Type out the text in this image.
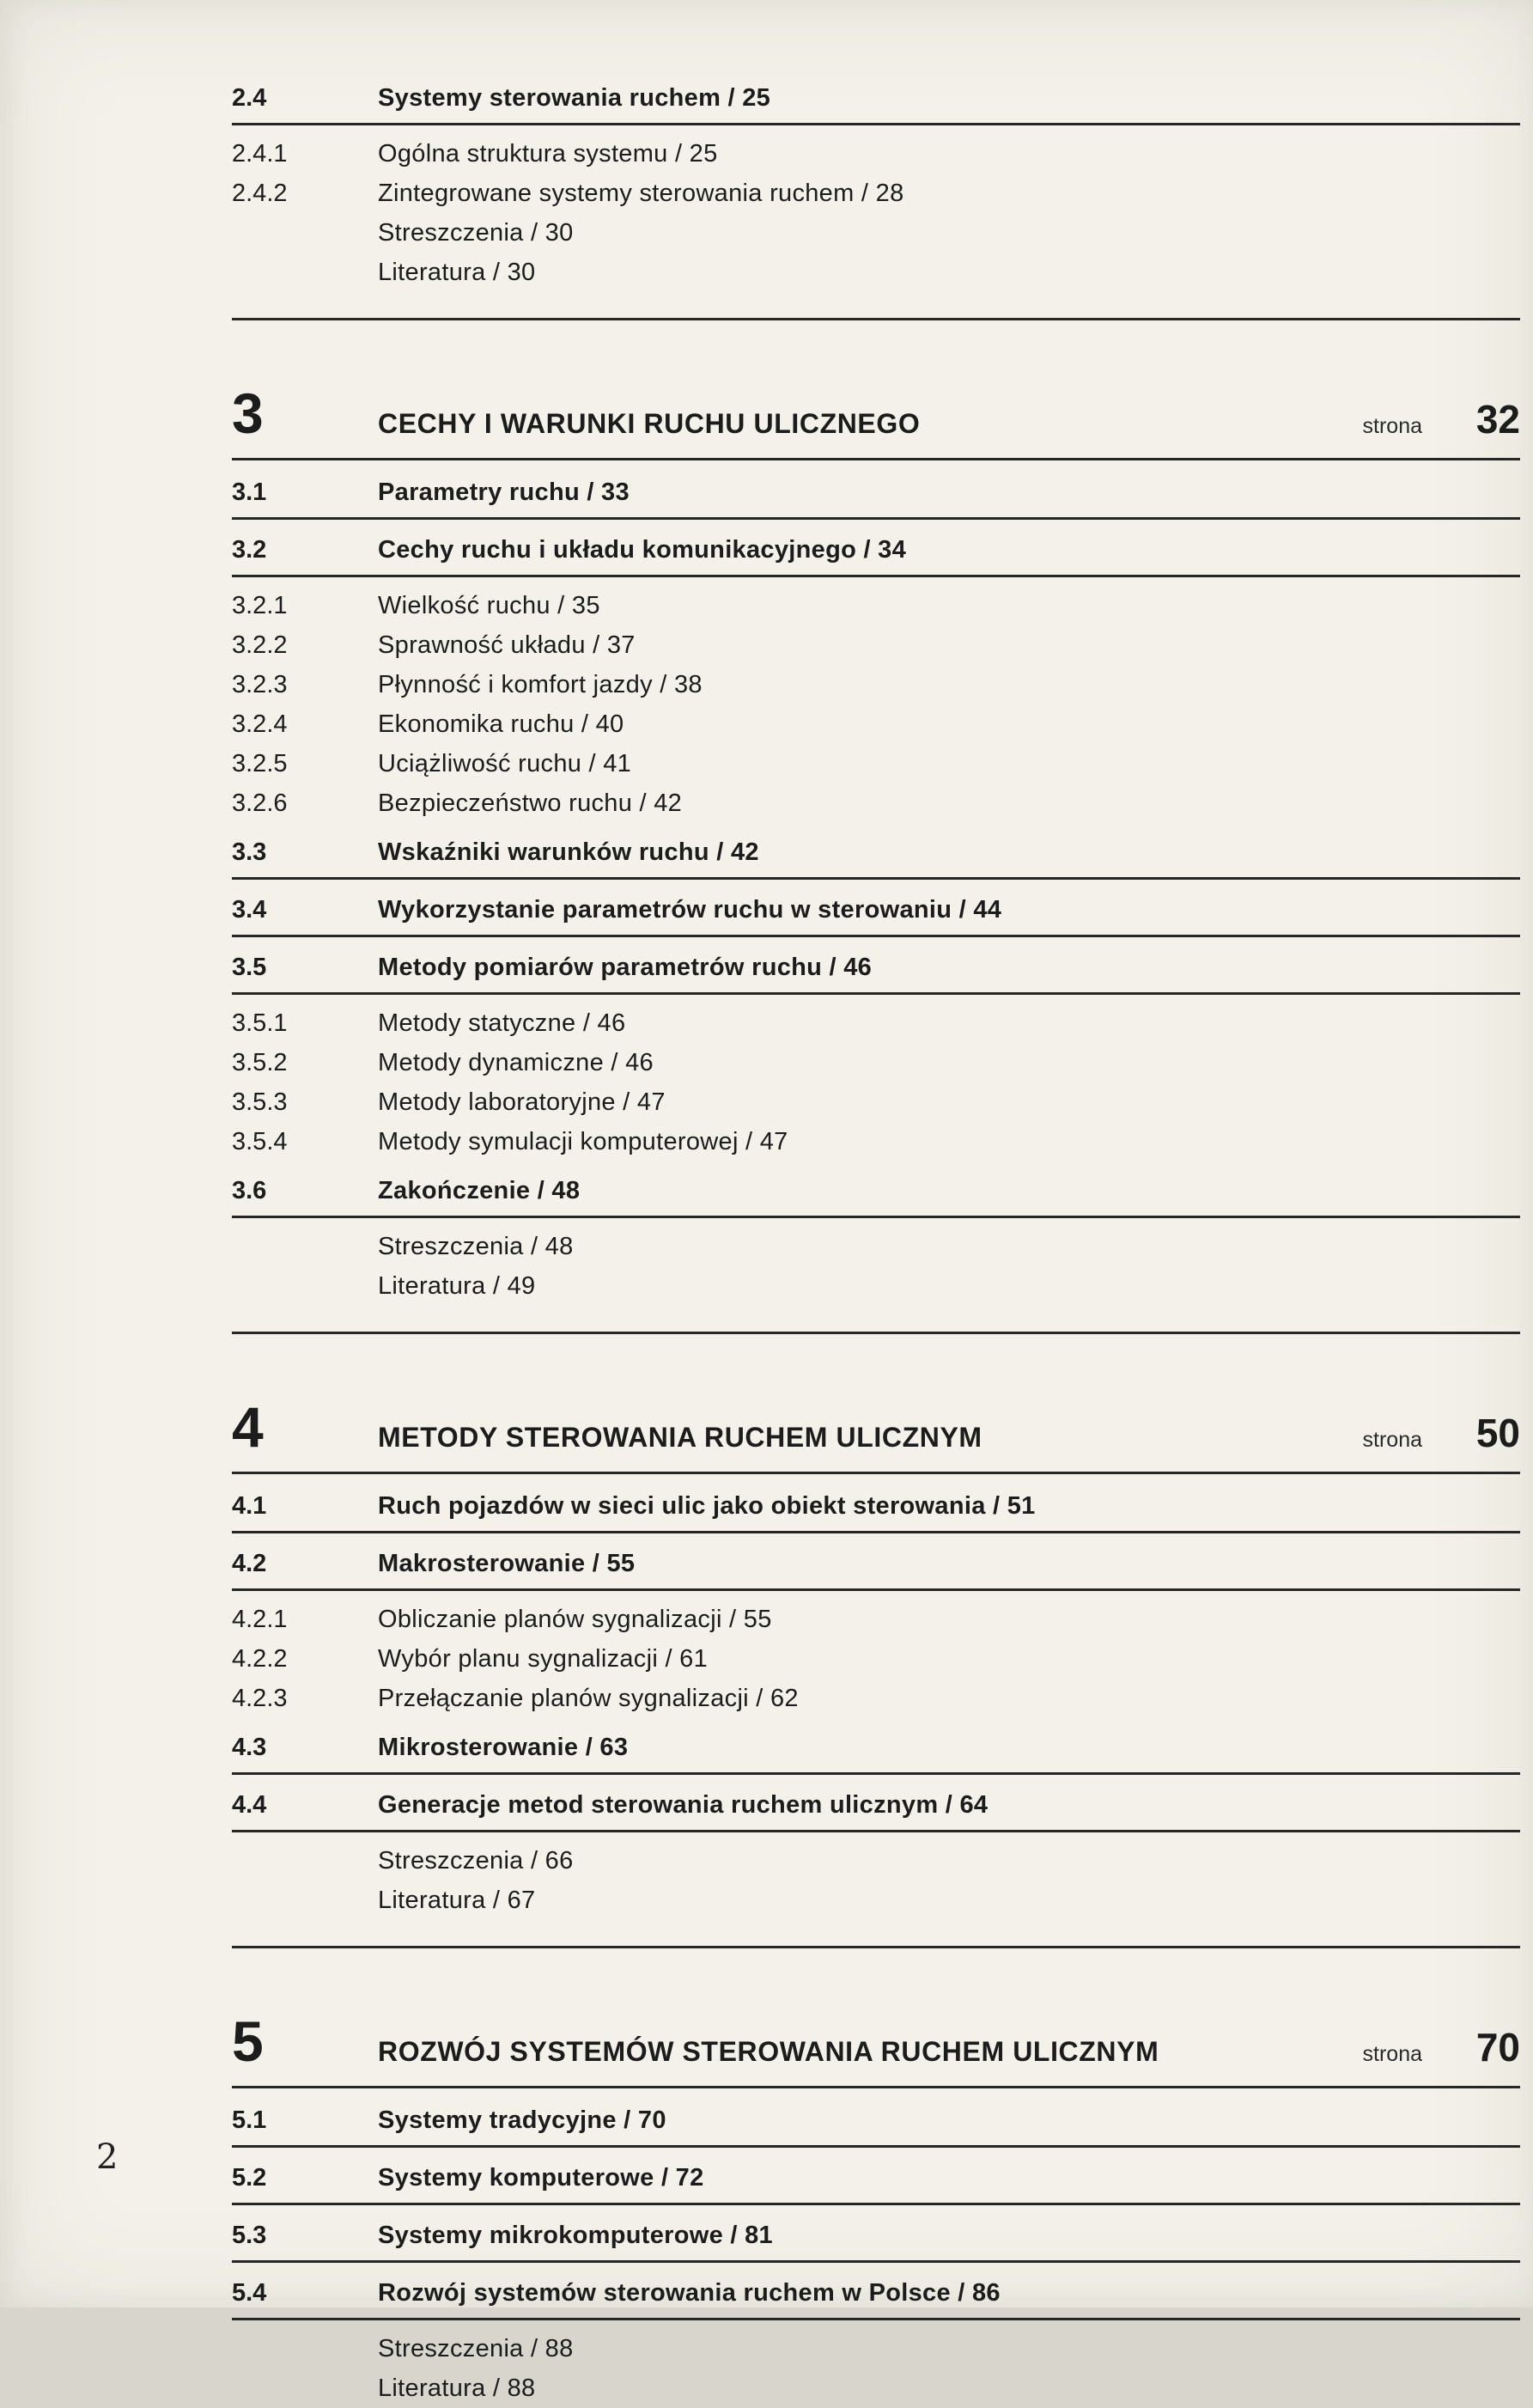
2.4	Systemy sterowania ruchem / 25
2.4.1	Ogólna struktura systemu / 25
2.4.2	Zintegrowane systemy sterowania ruchem / 28
Streszczenia / 30
Literatura / 30
3	CECHY I WARUNKI RUCHU ULICZNEGO	strona	32
3.1	Parametry ruchu / 33
3.2	Cechy ruchu i układu komunikacyjnego / 34
3.2.1	Wielkość ruchu / 35
3.2.2	Sprawność układu / 37
3.2.3	Płynność i komfort jazdy / 38
3.2.4	Ekonomika ruchu / 40
3.2.5	Uciążliwość ruchu / 41
3.2.6	Bezpieczeństwo ruchu / 42
3.3	Wskaźniki warunków ruchu / 42
3.4	Wykorzystanie parametrów ruchu w sterowaniu / 44
3.5	Metody pomiarów parametrów ruchu / 46
3.5.1	Metody statyczne / 46
3.5.2	Metody dynamiczne / 46
3.5.3	Metody laboratoryjne / 47
3.5.4	Metody symulacji komputerowej / 47
3.6	Zakończenie / 48
Streszczenia / 48
Literatura / 49
4	METODY STEROWANIA RUCHEM ULICZNYM	strona	50
4.1	Ruch pojazdów w sieci ulic jako obiekt sterowania / 51
4.2	Makrosterowanie / 55
4.2.1	Obliczanie planów sygnalizacji / 55
4.2.2	Wybór planu sygnalizacji / 61
4.2.3	Przełączanie planów sygnalizacji / 62
4.3	Mikrosterowanie / 63
4.4	Generacje metod sterowania ruchem ulicznym / 64
Streszczenia / 66
Literatura / 67
5	ROZWÓJ SYSTEMÓW STEROWANIA RUCHEM ULICZNYM	strona	70
5.1	Systemy tradycyjne / 70
5.2	Systemy komputerowe / 72
5.3	Systemy mikrokomputerowe / 81
5.4	Rozwój systemów sterowania ruchem w Polsce / 86
Streszczenia / 88
Literatura / 88
2
